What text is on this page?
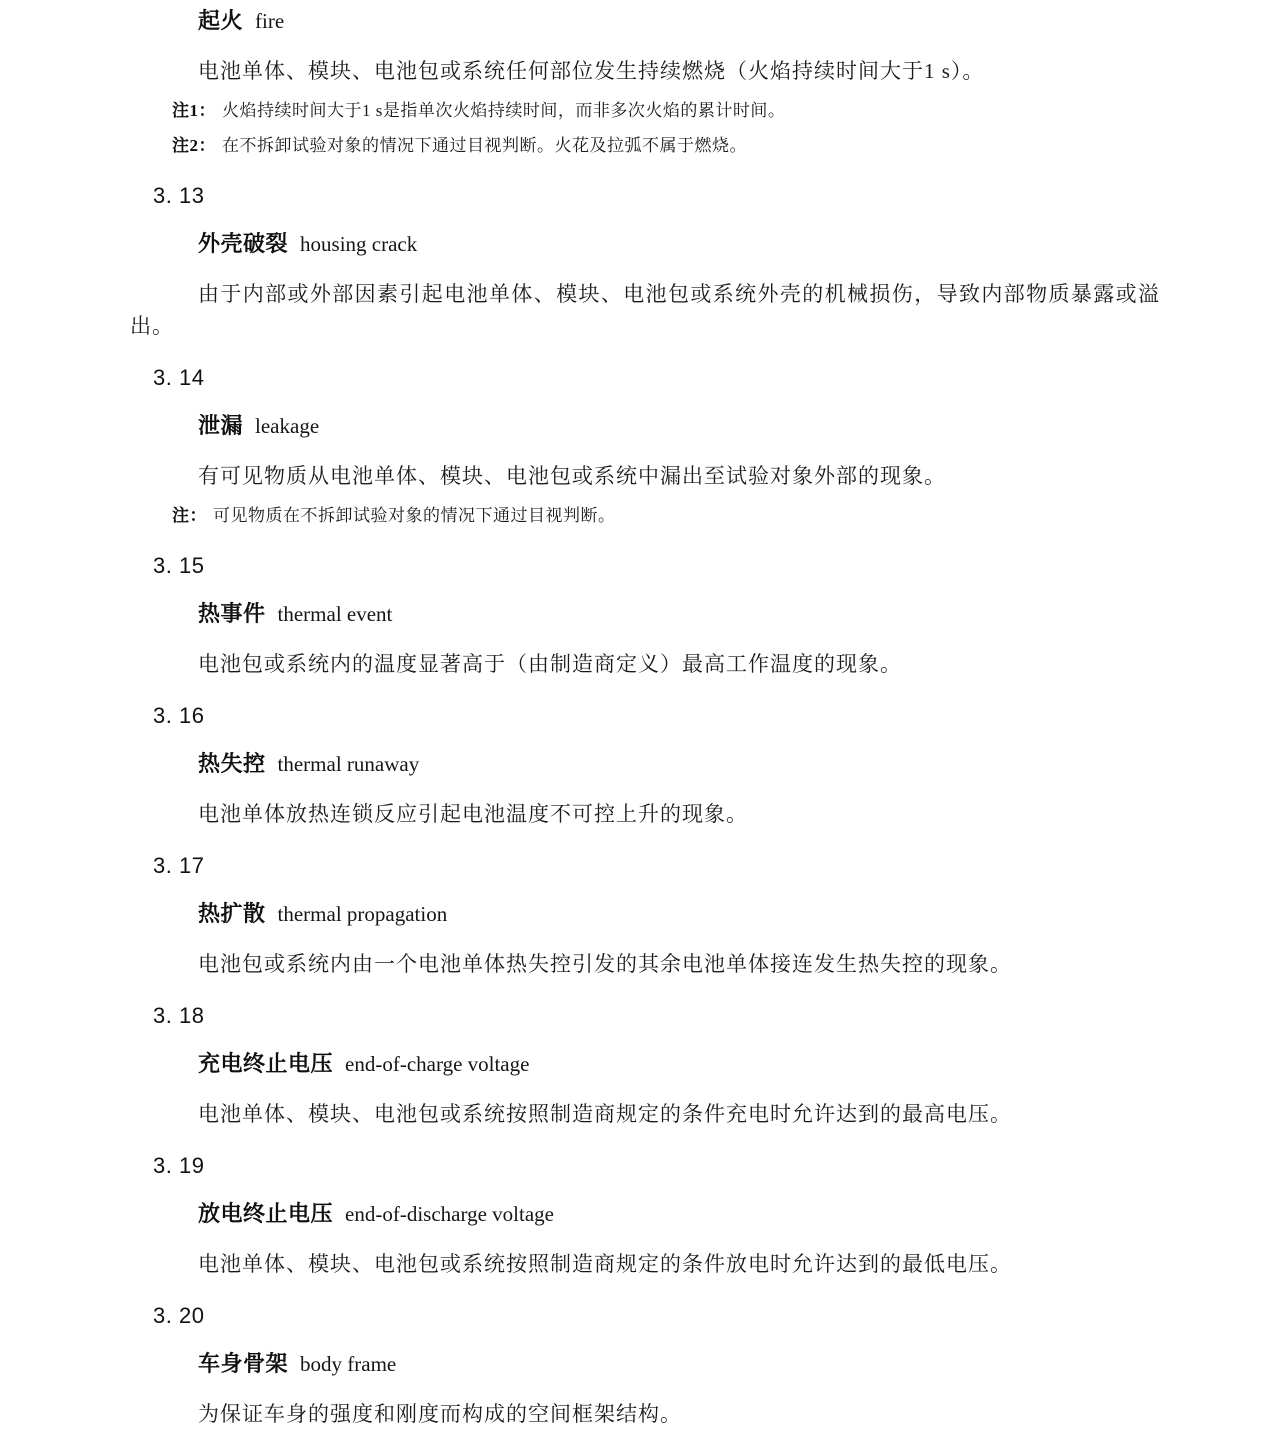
起火 fire

电池单体、模块、电池包或系统任何部位发生持续燃烧（火焰持续时间大于1 s）。

注1： 火焰持续时间大于1 s是指单次火焰持续时间，而非多次火焰的累计时间。
注2： 在不拆卸试验对象的情况下通过目视判断。火花及拉弧不属于燃烧。
3. 13
外壳破裂 housing crack

由于内部或外部因素引起电池单体、模块、电池包或系统外壳的机械损伤，导致内部物质暴露或溢出。

3. 14
泄漏 leakage

有可见物质从电池单体、模块、电池包或系统中漏出至试验对象外部的现象。

注： 可见物质在不拆卸试验对象的情况下通过目视判断。
3. 15
热事件 thermal event

电池包或系统内的温度显著高于（由制造商定义）最高工作温度的现象。

3. 16
热失控 thermal runaway

电池单体放热连锁反应引起电池温度不可控上升的现象。

3. 17
热扩散 thermal propagation

电池包或系统内由一个电池单体热失控引发的其余电池单体接连发生热失控的现象。

3. 18
充电终止电压 end-of-charge voltage

电池单体、模块、电池包或系统按照制造商规定的条件充电时允许达到的最高电压。

3. 19
放电终止电压 end-of-discharge voltage

电池单体、模块、电池包或系统按照制造商规定的条件放电时允许达到的最低电压。

3. 20
车身骨架 body frame

为保证车身的强度和刚度而构成的空间框架结构。
